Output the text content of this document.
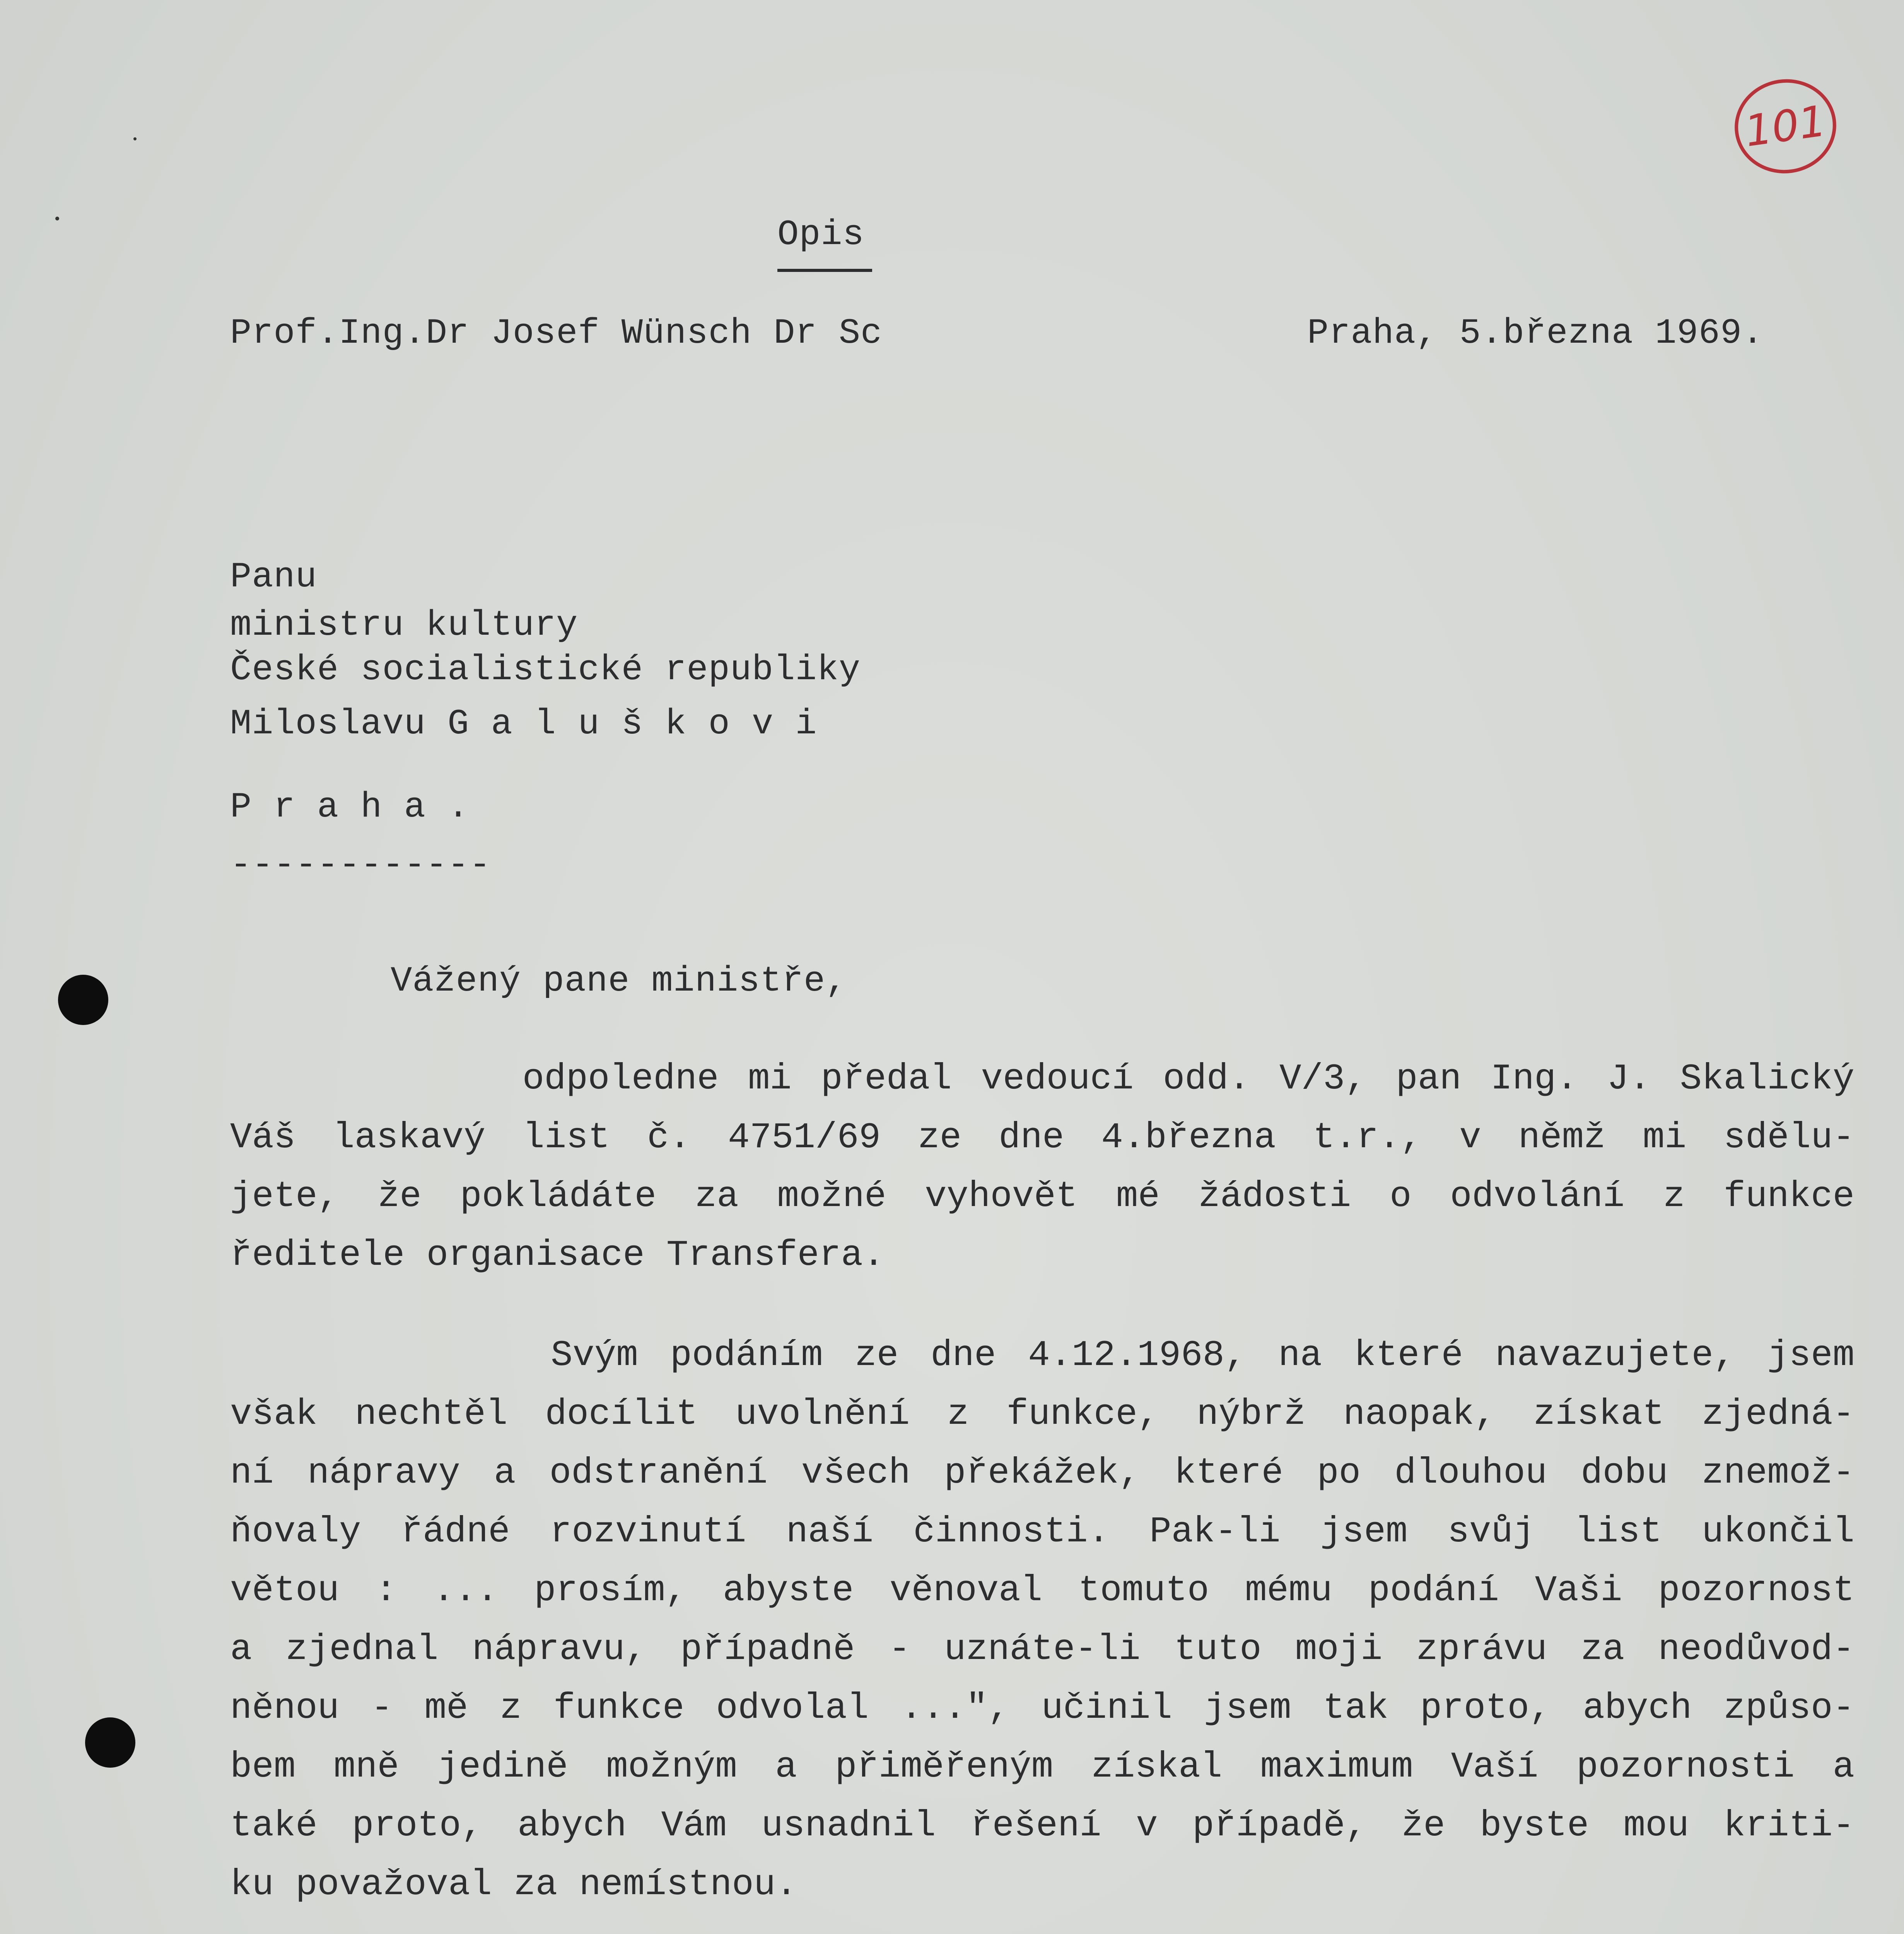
101
Opis
Prof.Ing.Dr Josef Wünsch Dr Sc	Praha, 5.března 1969.
Panu
ministru kultury
České socialistické republiky
Miloslavu G a l u š k o v i
P r a h a .
------------
Vážený pane ministře,
odpoledne mi předal vedoucí odd. V/3, pan Ing. J. Skalický
Váš laskavý list č. 4751/69 ze dne 4.března t.r., v němž mi sdělu-
jete, že pokládáte za možné vyhovět mé žádosti o odvolání z funkce
ředitele organisace Transfera.
Svým podáním ze dne 4.12.1968, na které navazujete, jsem
však nechtěl docílit uvolnění z funkce, nýbrž naopak, získat zjedná-
ní nápravy a odstranění všech překážek, které po dlouhou dobu znemož-
ňovaly řádné rozvinutí naší činnosti. Pak-li jsem svůj list ukončil
větou : ... prosím, abyste věnoval tomuto mému podání Vaši pozornost
a zjednal nápravu, případně - uznáte-li tuto moji zprávu za neodůvod-
něnou - mě z funkce odvolal ...", učinil jsem tak proto, abych způso-
bem mně jedině možným a přiměřeným získal maximum Vaší pozornosti a
také proto, abych Vám usnadnil řešení v případě, že byste mou kriti-
ku považoval za nemístnou.
